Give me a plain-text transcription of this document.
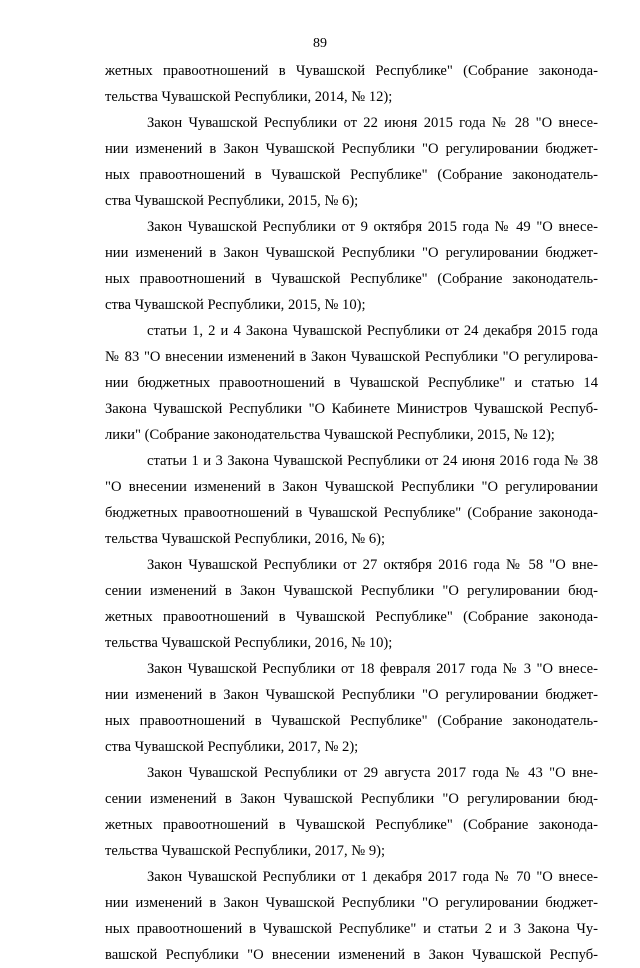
89
жетных правоотношений в Чувашской Республике" (Собрание законода-
тельства Чувашской Республики, 2014, № 12);
Закон Чувашской Республики от 22 июня 2015 года № 28 "О внесе-
нии изменений в Закон Чувашской Республики "О регулировании бюджет-
ных правоотношений в Чувашской Республике" (Собрание законодатель-
ства Чувашской Республики, 2015, № 6);
Закон Чувашской Республики от 9 октября 2015 года № 49 "О внесе-
нии изменений в Закон Чувашской Республики "О регулировании бюджет-
ных правоотношений в Чувашской Республике" (Собрание законодатель-
ства Чувашской Республики, 2015, № 10);
статьи 1, 2 и 4 Закона Чувашской Республики от 24 декабря 2015 года
№ 83 "О внесении изменений в Закон Чувашской Республики "О регулирова-
нии бюджетных правоотношений в Чувашской Республике" и статью 14
Закона Чувашской Республики "О Кабинете Министров Чувашской Респуб-
лики" (Собрание законодательства Чувашской Республики, 2015, № 12);
статьи 1 и 3 Закона Чувашской Республики от 24 июня 2016 года № 38
"О внесении изменений в Закон Чувашской Республики "О регулировании
бюджетных правоотношений в Чувашской Республике" (Собрание законода-
тельства Чувашской Республики, 2016, № 6);
Закон Чувашской Республики от 27 октября 2016 года № 58 "О вне-
сении изменений в Закон Чувашской Республики "О регулировании бюд-
жетных правоотношений в Чувашской Республике" (Собрание законода-
тельства Чувашской Республики, 2016, № 10);
Закон Чувашской Республики от 18 февраля 2017 года № 3 "О внесе-
нии изменений в Закон Чувашской Республики "О регулировании бюджет-
ных правоотношений в Чувашской Республике" (Собрание законодатель-
ства Чувашской Республики, 2017, № 2);
Закон Чувашской Республики от 29 августа 2017 года № 43 "О вне-
сении изменений в Закон Чувашской Республики "О регулировании бюд-
жетных правоотношений в Чувашской Республике" (Собрание законода-
тельства Чувашской Республики, 2017, № 9);
Закон Чувашской Республики от 1 декабря 2017 года № 70 "О внесе-
нии изменений в Закон Чувашской Республики "О регулировании бюджет-
ных правоотношений в Чувашской Республике" и статьи 2 и 3 Закона Чу-
вашской Республики "О внесении изменений в Закон Чувашской Респуб-
